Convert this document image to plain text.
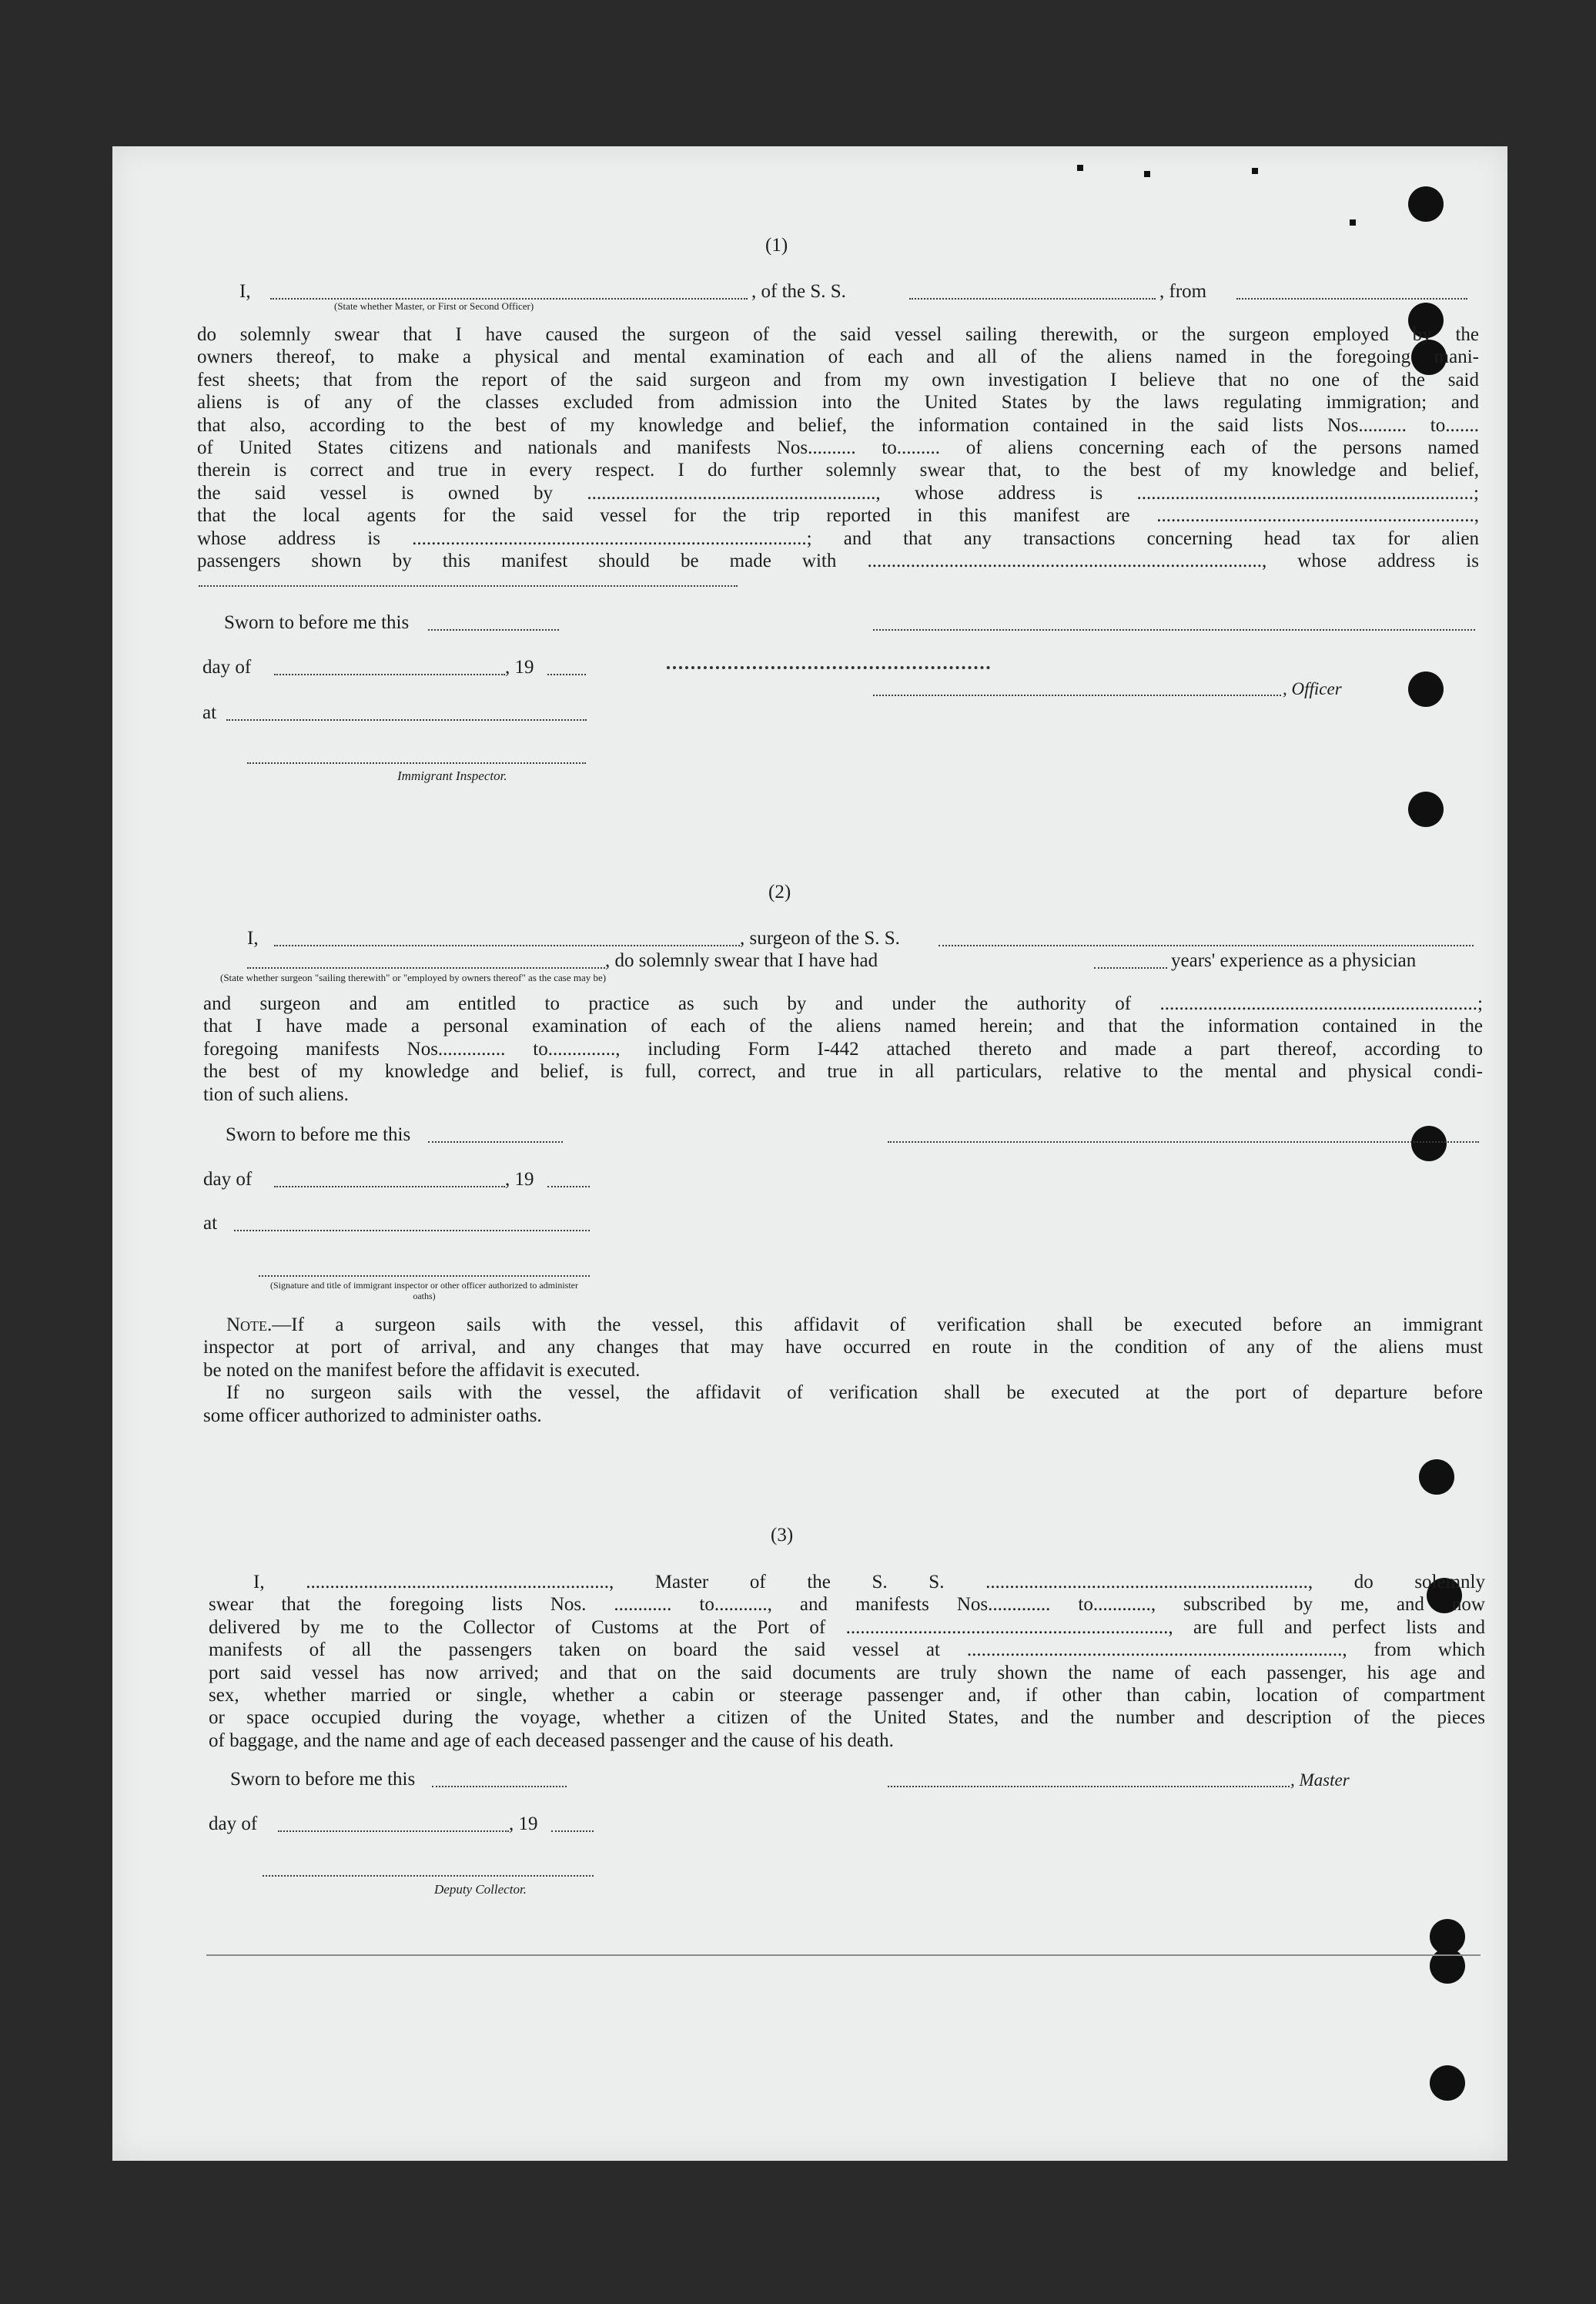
(1)
I,	, of the S. S.	, from
(State whether Master, or First or Second Officer)
do solemnly swear that I have caused the surgeon of the said vessel sailing therewith, or the surgeon employed by the
owners thereof, to make a physical and mental examination of each and all of the aliens named in the foregoing mani-
fest sheets; that from the report of the said surgeon and from my own investigation I believe that no one of the said
aliens is of any of the classes excluded from admission into the United States by the laws regulating immigration; and
that also, according to the best of my knowledge and belief, the information contained in the said lists Nos.......... to.......
of United States citizens and nationals and manifests Nos.......... to......... of aliens concerning each of the persons named
therein is correct and true in every respect. I do further solemnly swear that, to the best of my knowledge and belief,
the said vessel is owned by ............................................................, whose address is ......................................................................;
that the local agents for the said vessel for the trip reported in this manifest are ..................................................................,
whose address is ..................................................................................; and that any transactions concerning head tax for alien
passengers shown by this manifest should be made with .................................................................................., whose address is
Sworn to before me this
day of	, 19
, Officer
at
Immigrant Inspector.
(2)
I,	, surgeon of the S. S.
, do solemnly swear that I have had	years' experience as a physician
(State whether surgeon "sailing therewith" or "employed by owners thereof" as the case may be)
and surgeon and am entitled to practice as such by and under the authority of ..................................................................;
that I have made a personal examination of each of the aliens named herein; and that the information contained in the
foregoing manifests Nos.............. to.............., including Form I-442 attached thereto and made a part thereof, according to
the best of my knowledge and belief, is full, correct, and true in all particulars, relative to the mental and physical condi-
tion of such aliens.
Sworn to before me this
day of	, 19
at
(Signature and title of immigrant inspector or other officer authorized to administer oaths)
Note.—If a surgeon sails with the vessel, this affidavit of verification shall be executed before an immigrant
inspector at port of arrival, and any changes that may have occurred en route in the condition of any of the aliens must
be noted on the manifest before the affidavit is executed.
If no surgeon sails with the vessel, the affidavit of verification shall be executed at the port of departure before
some officer authorized to administer oaths.
(3)
I, ..............................................................., Master of the S. S. ..................................................................., do solemnly
swear that the foregoing lists Nos. ............ to..........., and manifests Nos............. to............, subscribed by me, and now
delivered by me to the Collector of Customs at the Port of ..................................................................., are full and perfect lists and
manifests of all the passengers taken on board the said vessel at .............................................................................., from which
port said vessel has now arrived; and that on the said documents are truly shown the name of each passenger, his age and
sex, whether married or single, whether a cabin or steerage passenger and, if other than cabin, location of compartment
or space occupied during the voyage, whether a citizen of the United States, and the number and description of the pieces
of baggage, and the name and age of each deceased passenger and the cause of his death.
Sworn to before me this	, Master
day of	, 19
Deputy Collector.
